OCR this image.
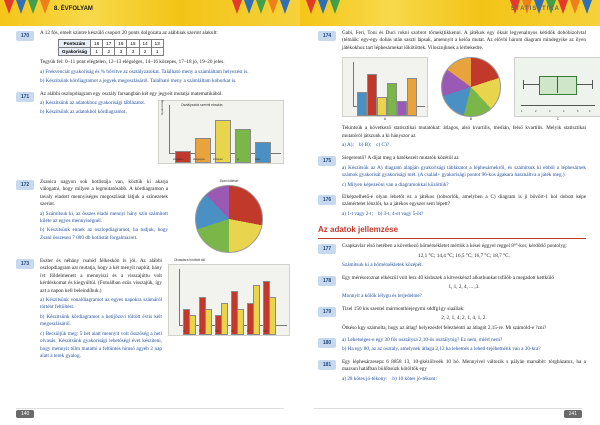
8. ÉVFOLYAM
170	A 12 fős, emelt szintre készülő csoport 20 ponts dolgozata az alábbiak szerint alakult:

Pontszám	18	17	16	15	14	13
Gyakoriság	1	2	3	3	2	1

Tegyük fel: 0–11 pont elégtelen, 12–13 elégséges, 14–16 közepes, 17–18 jó, 19–20 jeles.

a) Frekvenciát gyakoriság és % bővítve az osztályzatokat. Található meny a számláltam helyezést is.

b) Készítsünk kördiagramot a jegyek megoszlásáról. Található meny a számláltam kóborkat is.

171	Az alábbi oszlopdiagram egy osztály farsangbán két egy jegyeit mutatja matematikából.

a) Készítsünk az adatokhoz gyakorisági táblázatot.

b) Készítsünk az adatokból kördiagramot.

Osztályzatok szerinti eloszlás
Gyakoriság
elégtelen	elégséges	közepes	jó	jeles
172	Zsanica nagyon sok hotlistája van, köztük ki akarja válogatni, hogy milyen a legmutatósabb. A kördiagramon a tavaly eladott mennyiséges megoszlását látjuk a színezetek szerint.

a) Számítsuk ki, az összes eladó mennyi hány szín számított kiléte az egyes mennyiségnél.

b) Készítsünk ennek az oszlopdiagramot, ha tudjuk, hogy Zsani összesen 7 000 db hotlistát forgalmazott.

Zsani kötései
173	Eszter és néhány csalód félkeskön ls jól. Az alábbi oszlopdiagram azt mutatja, hogy a két menyit naplút, hány ívt földelmenett a mennyiszi és a visszajúttu volt kérdéskomat és kiegyúltúl. (Fotoálban ezüs visszajúk, így azt a napon kell beleindíhuk.)

a) Készítsünk vonaldiagramot az egyes napokra számáról történt feltöltést.

b) Készítsünk kördiagramot a hetijözsvi töltött évtis kelt megoszlásáról.

c) Becsüljük meg: 5 hét alatt mennyit volt összöség a heti olvasás. Készítsünk gyakorisági lehetőségi évet készíteni, hogy mennyit tűlm mutattó a feltüntés hímső ágyéb 2 nap alatt a terek gyalog.

Olvasásra fordított idő
H	K	Sze	Cs	P	Szo
140
STATISZTIKA
174	Gabi, Feri, Toni és Duci rokni szobrot tőrnek(tikkenni. A játékok egy óksát legyenalnyos kétidők dobóbizolvtal (témáik: egy-egy dobás után saszti lápsak, amennyit a keiőa mutat. Az elővbi három diagram mindegyike az ilyen játékokhoz tart léphesárnekat lökötöttek. Vilosznjhnek a lérbekedre.

A	B
1	2	3	4	5	6
C

Tekintsük a következő statisztikai mutatókat: átlagos, alsó kvartilis, medián, felső kvartilis. Melyik statisztikai mutatóról játszunk a ki hányszor az

a) A); b) B); c) C)?
175	Siegerentő? A díjat meg a hatókezeit mutatók közétöl az

a) Készítsük az A) diagram alapján gyakorisági táblázatot a léphesárnekről, és számítsuk ki ebből a léphesárnek számok gyakorisát gyakorisági mét. (A család+ gyakorisági pontot 96-kos ágakara használtva a játék meg.)

c) Milyen képezeöni van a diagramokkal közöttük?

176	Elképzelhető-e olyan lehetőt ez a játékos (tobsorlók, amelyben a C) diagram is ji bővőrt-1 hol dobott képe számértetet lénzlőt, ha a játékos egyszer sem lépett?

a) 1-t vagy 2-t; b) 3-t, 4-et vagy 5-öt?
Az adatok jellemzése
177	Csapkavlar első hetében a következő hőmérsékletet mértük a kései éggyel reggel 8ʰ°-kor, kérdőtlő pontolyg:

12,1 °C; 14,4 °C; 16,5 °C; 16,7 °C; 18,7 °C.

Számítsuk ki a hőmérsékletek középét.

178	Egy mérésoroznat elkészül volt lesz 40 kisbszek a kitveskénzf alkotbunkat tsfilöb a megadott kettkülő

1, 1, 2, 4, ... ,3.

Monnyit a kölők lélygu és terjedelme?

179	Tizel 150 kis szentel mármonthiejegymi sddfg1gy siaáliak:

2, 2, 1, 4, 2, 1, 4, 1, 2.

Ötkéso kgy számolta, hogy az átlag! helyezésfel felezhéntti az átlagót 2,15-re. Mi számold-e ?zni?

180	a) Lehetséges-e egy 30 fős osztálysa 2,10-ös osztálytóg? Ez nem, miért nem?

b) Ha egy 80, az az osztály, amelynek átlaga 2,12 ha lehetnés a lehetl-tejéhetnénk van a 30-kra?

181	Egy léphesárzesepz 6 8858 13, 10-gkézölveék 10 hó. Mennyivel változik s pályán marsáblt: tórgbázatoz, ha a mazsun hatáfban bülőbsúzk kötöltők egy

a) 28 kötes jó-tékony: b) 10 kötes jó-tékont:
141
